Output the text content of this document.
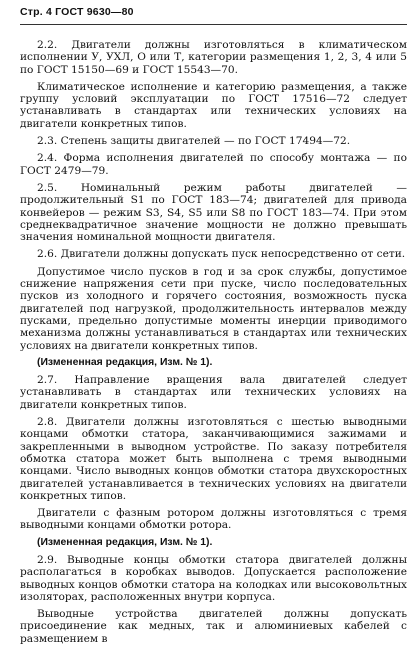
Стр. 4 ГОСТ 9630—80

2.2. Двигатели должны изготовляться в климатическом исполнении У, УХЛ, О или Т, категории размещения 1, 2, 3, 4 или 5 по ГОСТ 15150—69 и ГОСТ 15543—70.

Климатическое исполнение и категорию размещения, а также группу условий эксплуатации по ГОСТ 17516—72 следует устанавливать в стандартах или технических условиях на двигатели конкретных типов.

2.3. Степень защиты двигателей — по ГОСТ 17494—72.

2.4. Форма исполнения двигателей по способу монтажа — по ГОСТ 2479—79.

2.5. Номинальный режим работы двигателей — продолжительный S1 по ГОСТ 183—74; двигателей для привода конвейеров — режим S3, S4, S5 или S8 по ГОСТ 183—74. При этом среднеквадратичное значение мощности не должно превышать значения номинальной мощности двигателя.

2.6. Двигатели должны допускать пуск непосредственно от сети.

Допустимое число пусков в год и за срок службы, допустимое снижение напряжения сети при пуске, число последовательных пусков из холодного и горячего состояния, возможность пуска двигателей под нагрузкой, продолжительность интервалов между пусками, предельно допустимые моменты инерции приводимого механизма должны устанавливаться в стандартах или технических условиях на двигатели конкретных типов.

(Измененная редакция, Изм. № 1).

2.7. Направление вращения вала двигателей следует устанавливать в стандартах или технических условиях на двигатели конкретных типов.

2.8. Двигатели должны изготовляться с шестью выводными концами обмотки статора, заканчивающимися зажимами и закрепленными в выводном устройстве. По заказу потребителя обмотка статора может быть выполнена с тремя выводными концами. Число выводных концов обмотки статора двухскоростных двигателей устанавливается в технических условиях на двигатели конкретных типов.

Двигатели с фазным ротором должны изготовляться с тремя выводными концами обмотки ротора.

(Измененная редакция, Изм. № 1).

2.9. Выводные концы обмотки статора двигателей должны располагаться в коробках выводов. Допускается расположение выводных концов обмотки статора на колодках или высоковольтных изоляторах, расположенных внутри корпуса.

Выводные устройства двигателей должны допускать присоединение как медных, так и алюминиевых кабелей с размещением в
